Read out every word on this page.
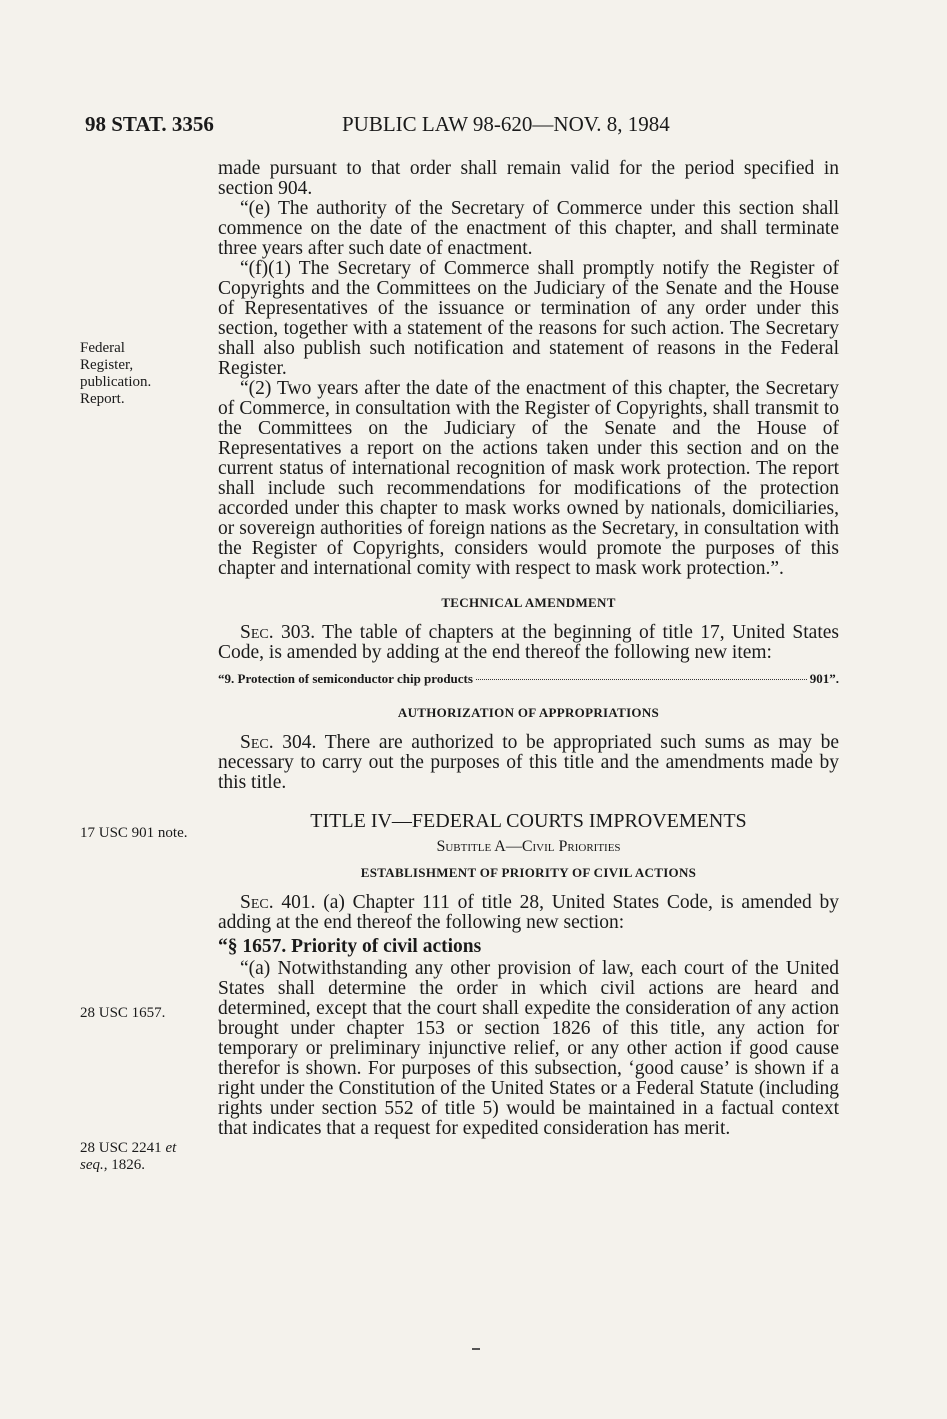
98 STAT. 3356	PUBLIC LAW 98-620—NOV. 8, 1984
Federal
Register,
publication.
Report.
17 USC 901 note.
28 USC 1657.
28 USC 2241 et
seq., 1826.

made pursuant to that order shall remain valid for the period specified in section 904.

“(e) The authority of the Secretary of Commerce under this section shall commence on the date of the enactment of this chapter, and shall terminate three years after such date of enactment.

“(f)(1) The Secretary of Commerce shall promptly notify the Register of Copyrights and the Committees on the Judiciary of the Senate and the House of Representatives of the issuance or termination of any order under this section, together with a statement of the reasons for such action. The Secretary shall also publish such notification and statement of reasons in the Federal Register.

“(2) Two years after the date of the enactment of this chapter, the Secretary of Commerce, in consultation with the Register of Copyrights, shall transmit to the Committees on the Judiciary of the Senate and the House of Representatives a report on the actions taken under this section and on the current status of international recognition of mask work protection. The report shall include such recommendations for modifications of the protection accorded under this chapter to mask works owned by nationals, domiciliaries, or sovereign authorities of foreign nations as the Secretary, in consultation with the Register of Copyrights, considers would promote the purposes of this chapter and international comity with respect to mask work protection.”.

TECHNICAL AMENDMENT

Sec. 303. The table of chapters at the beginning of title 17, United States Code, is amended by adding at the end thereof the following new item:

“9. Protection of semiconductor chip products	901”.
AUTHORIZATION OF APPROPRIATIONS

Sec. 304. There are authorized to be appropriated such sums as may be necessary to carry out the purposes of this title and the amendments made by this title.

TITLE IV—FEDERAL COURTS IMPROVEMENTS
Subtitle A—Civil Priorities
ESTABLISHMENT OF PRIORITY OF CIVIL ACTIONS

Sec. 401. (a) Chapter 111 of title 28, United States Code, is amended by adding at the end thereof the following new section:

“§ 1657. Priority of civil actions

“(a) Notwithstanding any other provision of law, each court of the United States shall determine the order in which civil actions are heard and determined, except that the court shall expedite the consideration of any action brought under chapter 153 or section 1826 of this title, any action for temporary or preliminary injunctive relief, or any other action if good cause therefor is shown. For purposes of this subsection, ‘good cause’ is shown if a right under the Constitution of the United States or a Federal Statute (including rights under section 552 of title 5) would be maintained in a factual context that indicates that a request for expedited consideration has merit.
